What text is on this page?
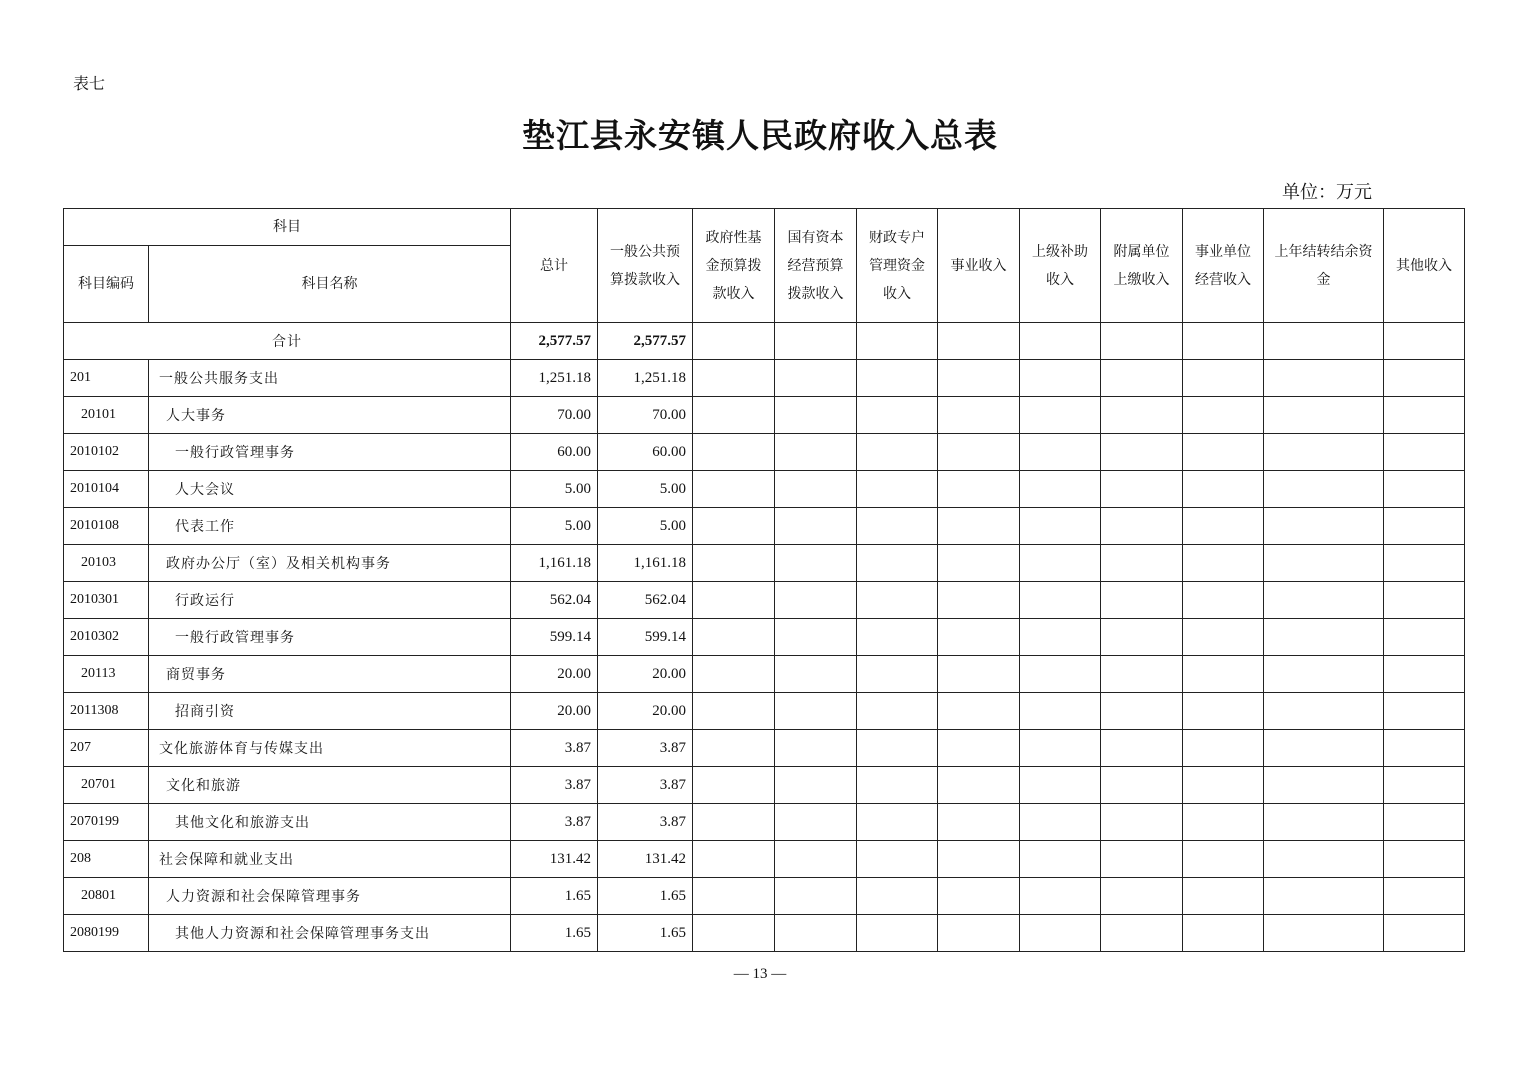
表七
垫江县永安镇人民政府收入总表
单位：万元
科目		总计	一般公共预算拨款收入	政府性基金预算拨款收入	国有资本经营预算拨款收入	财政专户管理资金收入	事业收入	上级补助收入	附属单位上缴收入	事业单位经营收入	上年结转结余资金	其他收入
科目编码	科目名称											
合计		2,577.57	2,577.57									
201	一般公共服务支出	1,251.18	1,251.18									
20101	人大事务	70.00	70.00									
2010102	一般行政管理事务	60.00	60.00									
2010104	人大会议	5.00	5.00									
2010108	代表工作	5.00	5.00									
20103	政府办公厅（室）及相关机构事务	1,161.18	1,161.18									
2010301	行政运行	562.04	562.04									
2010302	一般行政管理事务	599.14	599.14									
20113	商贸事务	20.00	20.00									
2011308	招商引资	20.00	20.00									
207	文化旅游体育与传媒支出	3.87	3.87									
20701	文化和旅游	3.87	3.87									
2070199	其他文化和旅游支出	3.87	3.87									
208	社会保障和就业支出	131.42	131.42									
20801	人力资源和社会保障管理事务	1.65	1.65									
2080199	其他人力资源和社会保障管理事务支出	1.65	1.65									
— 13 —
